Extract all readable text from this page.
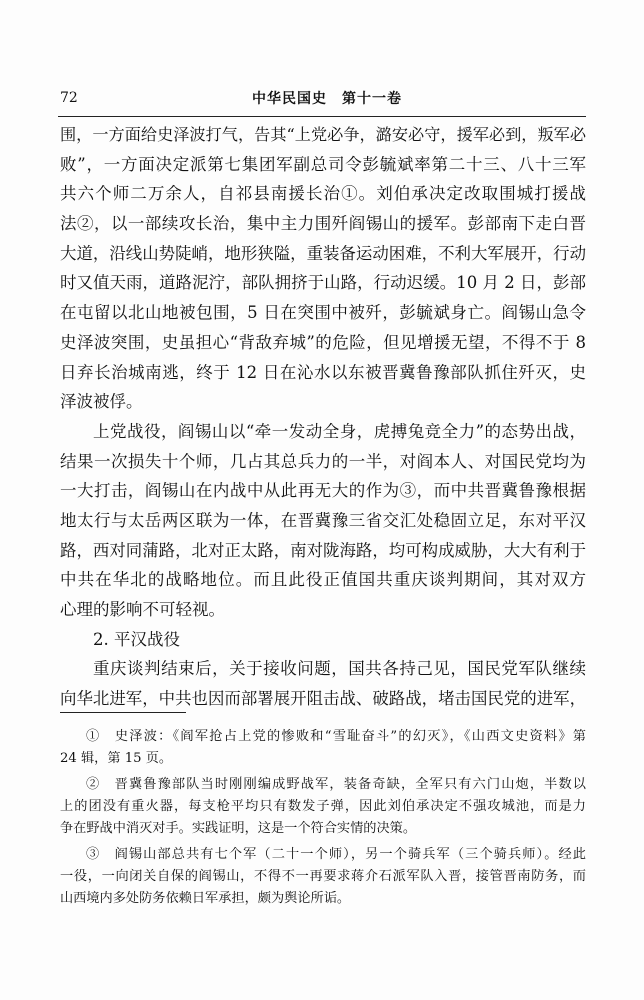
72	中华民国史　第十一卷
围，一方面给史泽波打气，告其“上党必争，潞安必守，援军必到，叛军必
败”，一方面决定派第七集团军副总司令彭毓斌率第二十三、八十三军
共六个师二万余人，自祁县南援长治①。刘伯承决定改取围城打援战
法②，以一部续攻长治，集中主力围歼阎锡山的援军。彭部南下走白晋
大道，沿线山势陡峭，地形狭隘，重装备运动困难，不利大军展开，行动
时又值天雨，道路泥泞，部队拥挤于山路，行动迟缓。10 月 2 日，彭部
在屯留以北山地被包围，5 日在突围中被歼，彭毓斌身亡。阎锡山急令
史泽波突围，史虽担心“背敌弃城”的危险，但见增援无望，不得不于 8
日弃长治城南逃，终于 12 日在沁水以东被晋冀鲁豫部队抓住歼灭，史
泽波被俘。
上党战役，阎锡山以“牵一发动全身，虎搏兔竞全力”的态势出战，
结果一次损失十个师，几占其总兵力的一半，对阎本人、对国民党均为
一大打击，阎锡山在内战中从此再无大的作为③，而中共晋冀鲁豫根据
地太行与太岳两区联为一体，在晋冀豫三省交汇处稳固立足，东对平汉
路，西对同蒲路，北对正太路，南对陇海路，均可构成威胁，大大有利于
中共在华北的战略地位。而且此役正值国共重庆谈判期间，其对双方
心理的影响不可轻视。
2. 平汉战役
重庆谈判结束后，关于接收问题，国共各持己见，国民党军队继续
向华北进军，中共也因而部署展开阻击战、破路战，堵击国民党的进军，
①　史泽波：《阎军抢占上党的惨败和“雪耻奋斗”的幻灭》，《山西文史资料》第
24 辑，第 15 页。
②　晋冀鲁豫部队当时刚刚编成野战军，装备奇缺，全军只有六门山炮，半数以
上的团没有重火器，每支枪平均只有数发子弹，因此刘伯承决定不强攻城池，而是力
争在野战中消灭对手。实践证明，这是一个符合实情的决策。
③　阎锡山部总共有七个军（二十一个师），另一个骑兵军（三个骑兵师）。经此
一役，一向闭关自保的阎锡山，不得不一再要求蒋介石派军队入晋，接管晋南防务，而
山西境内多处防务依赖日军承担，颇为舆论所诟。
